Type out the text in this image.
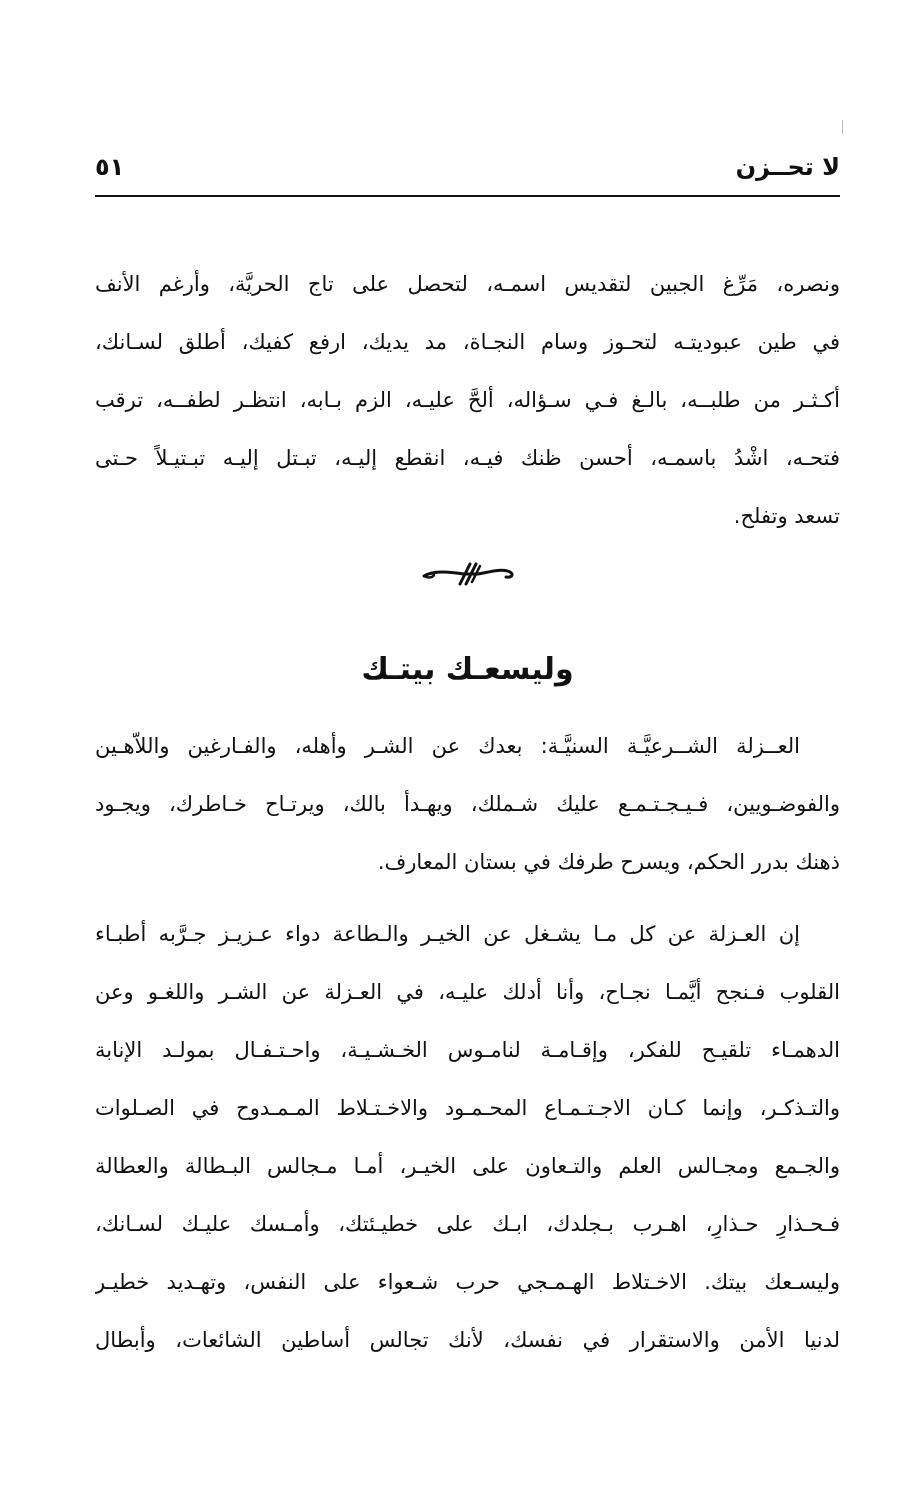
لا تحــزن
٥١
ونصره، مَرِّغ الجبين لتقديس اسمـه، لتحصل على تاج الحريَّة، وأرغم الأنف
في طين عبوديتـه لتحـوز وسام النجـاة، مد يديك، ارفع كفيك، أطلق لسـانك،
أكـثـر من طلبــه، بالـغ فـي سـؤاله، ألحَّ عليـه، الزم بـابه، انتظـر لطفــه، ترقب
فتحـه، اشْدُ باسمـه، أحسن ظنك فيـه، انقطع إليـه، تبـتل إليـه تبـتيـلاً حـتى
تسعد وتفلح.
وليسعـك بيتـك
العــزلة الشــرعيَّـة السنيَّـة: بعدك عن الشـر وأهله، والفـارغين واللاّهـين
والفوضـويين، فـيـجـتـمـع عليك شـملك، ويهـدأ بالك، ويرتـاح خـاطرك، ويجـود
ذهنك بدرر الحكم، ويسرح طرفك في بستان المعارف.
إن العـزلة عن كل مـا يشـغل عن الخيـر والـطاعة دواء عـزيـز جـرَّبه أطبـاء
القلوب فـنجح أيَّمـا نجـاح، وأنا أدلك عليـه، في العـزلة عن الشـر واللغـو وعن
الدهمـاء تلقيـح للفكر، وإقـامـة لنامـوس الخـشـيـة، واحـتـفـال بمولـد الإنابة
والتـذكـر، وإنما كـان الاجـتـمـاع المحـمـود والاخـتـلاط المـمـدوح في الصـلوات
والجـمع ومجـالس العلم والتـعاون على الخيـر، أمـا مـجالس البـطالة والعطالة
فـحـذارِ حـذارِ، اهـرب بـجلدك، ابـك على خطيـئتك، وأمـسك عليـك لسـانك،
وليسـعك بيتك. الاخـتلاط الهـمـجي حرب شـعواء على النفس، وتهـديد خطيـر
لدنيا الأمن والاستقرار في نفسك، لأنك تجالس أساطين الشائعات، وأبطال
